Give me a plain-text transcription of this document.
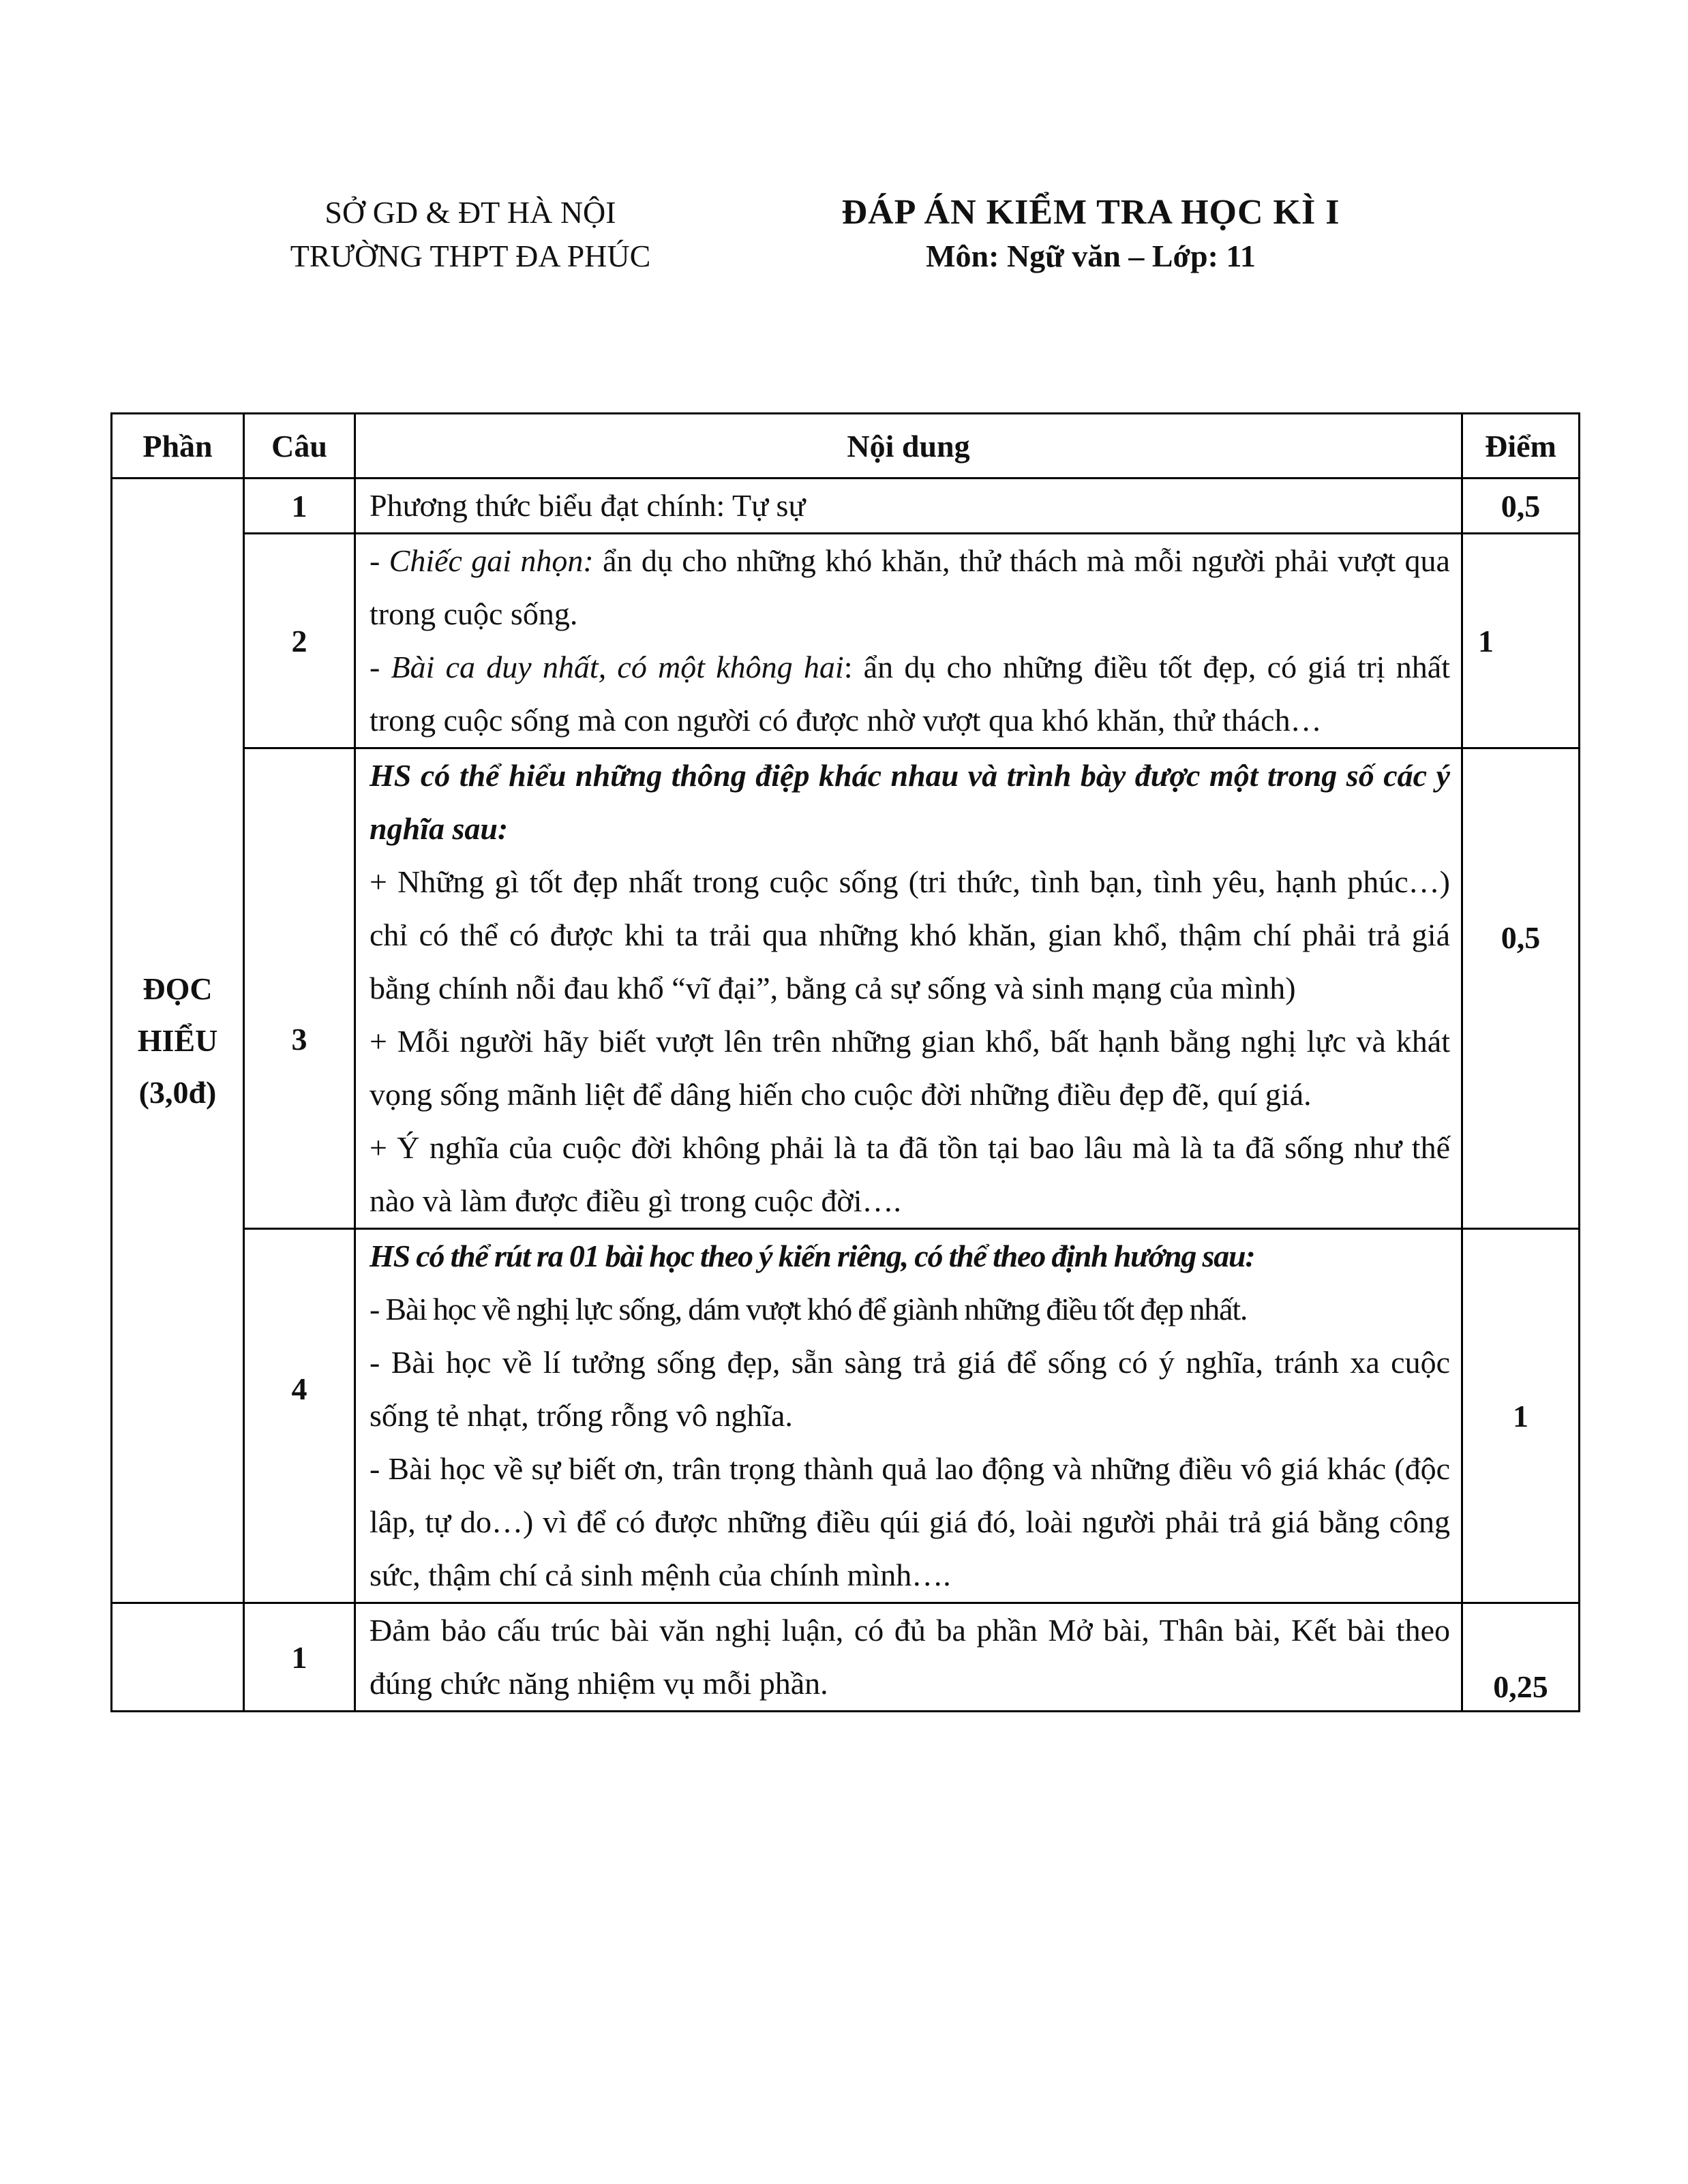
SỞ GD & ĐT HÀ NỘI
TRƯỜNG THPT ĐA PHÚC
ĐÁP ÁN KIỂM TRA HỌC KÌ I
Môn: Ngữ văn – Lớp: 11
Phần	Câu	Nội dung	Điểm

ĐỌC
HIỂU
(3,0đ)	1	Phương thức biểu đạt chính: Tự sự	0,5
	2	- Chiếc gai nhọn: ẩn dụ cho những khó khăn, thử thách mà mỗi người phải vượt qua trong cuộc sống.
- Bài ca duy nhất, có một không hai: ẩn dụ cho những điều tốt đẹp, có giá trị nhất trong cuộc sống mà con người có được nhờ vượt qua khó khăn, thử thách…	1
	3	HS có thể hiểu những thông điệp khác nhau và trình bày được một trong số các ý nghĩa sau:
+ Những gì tốt đẹp nhất trong cuộc sống (tri thức, tình bạn, tình yêu, hạnh phúc…) chỉ có thể có được khi ta trải qua những khó khăn, gian khổ, thậm chí phải trả giá bằng chính nỗi đau khổ “vĩ đại”, bằng cả sự sống và sinh mạng của mình)
+ Mỗi người hãy biết vượt lên trên những gian khổ, bất hạnh bằng nghị lực và khát vọng sống mãnh liệt để dâng hiến cho cuộc đời những điều đẹp đẽ, quí giá.
+ Ý nghĩa của cuộc đời không phải là ta đã tồn tại bao lâu mà là ta đã sống như thế nào và làm được điều gì trong cuộc đời….	0,5
	4	HS có thể rút ra 01 bài học theo ý kiến riêng, có thể theo định hướng sau:
- Bài học về nghị lực sống, dám vượt khó để giành những điều tốt đẹp nhất.
- Bài học về lí tưởng sống đẹp, sẵn sàng trả giá để sống có ý nghĩa, tránh xa cuộc sống tẻ nhạt, trống rỗng vô nghĩa.
- Bài học về sự biết ơn, trân trọng thành quả lao động và những điều vô giá khác (độc lâp, tự do…) vì để có được những điều qúi giá đó, loài người phải trả giá bằng công sức, thậm chí cả sinh mệnh của chính mình….	1
	1	Đảm bảo cấu trúc bài văn nghị luận, có đủ ba phần Mở bài, Thân bài, Kết bài theo đúng chức năng nhiệm vụ mỗi phần.	0,25
